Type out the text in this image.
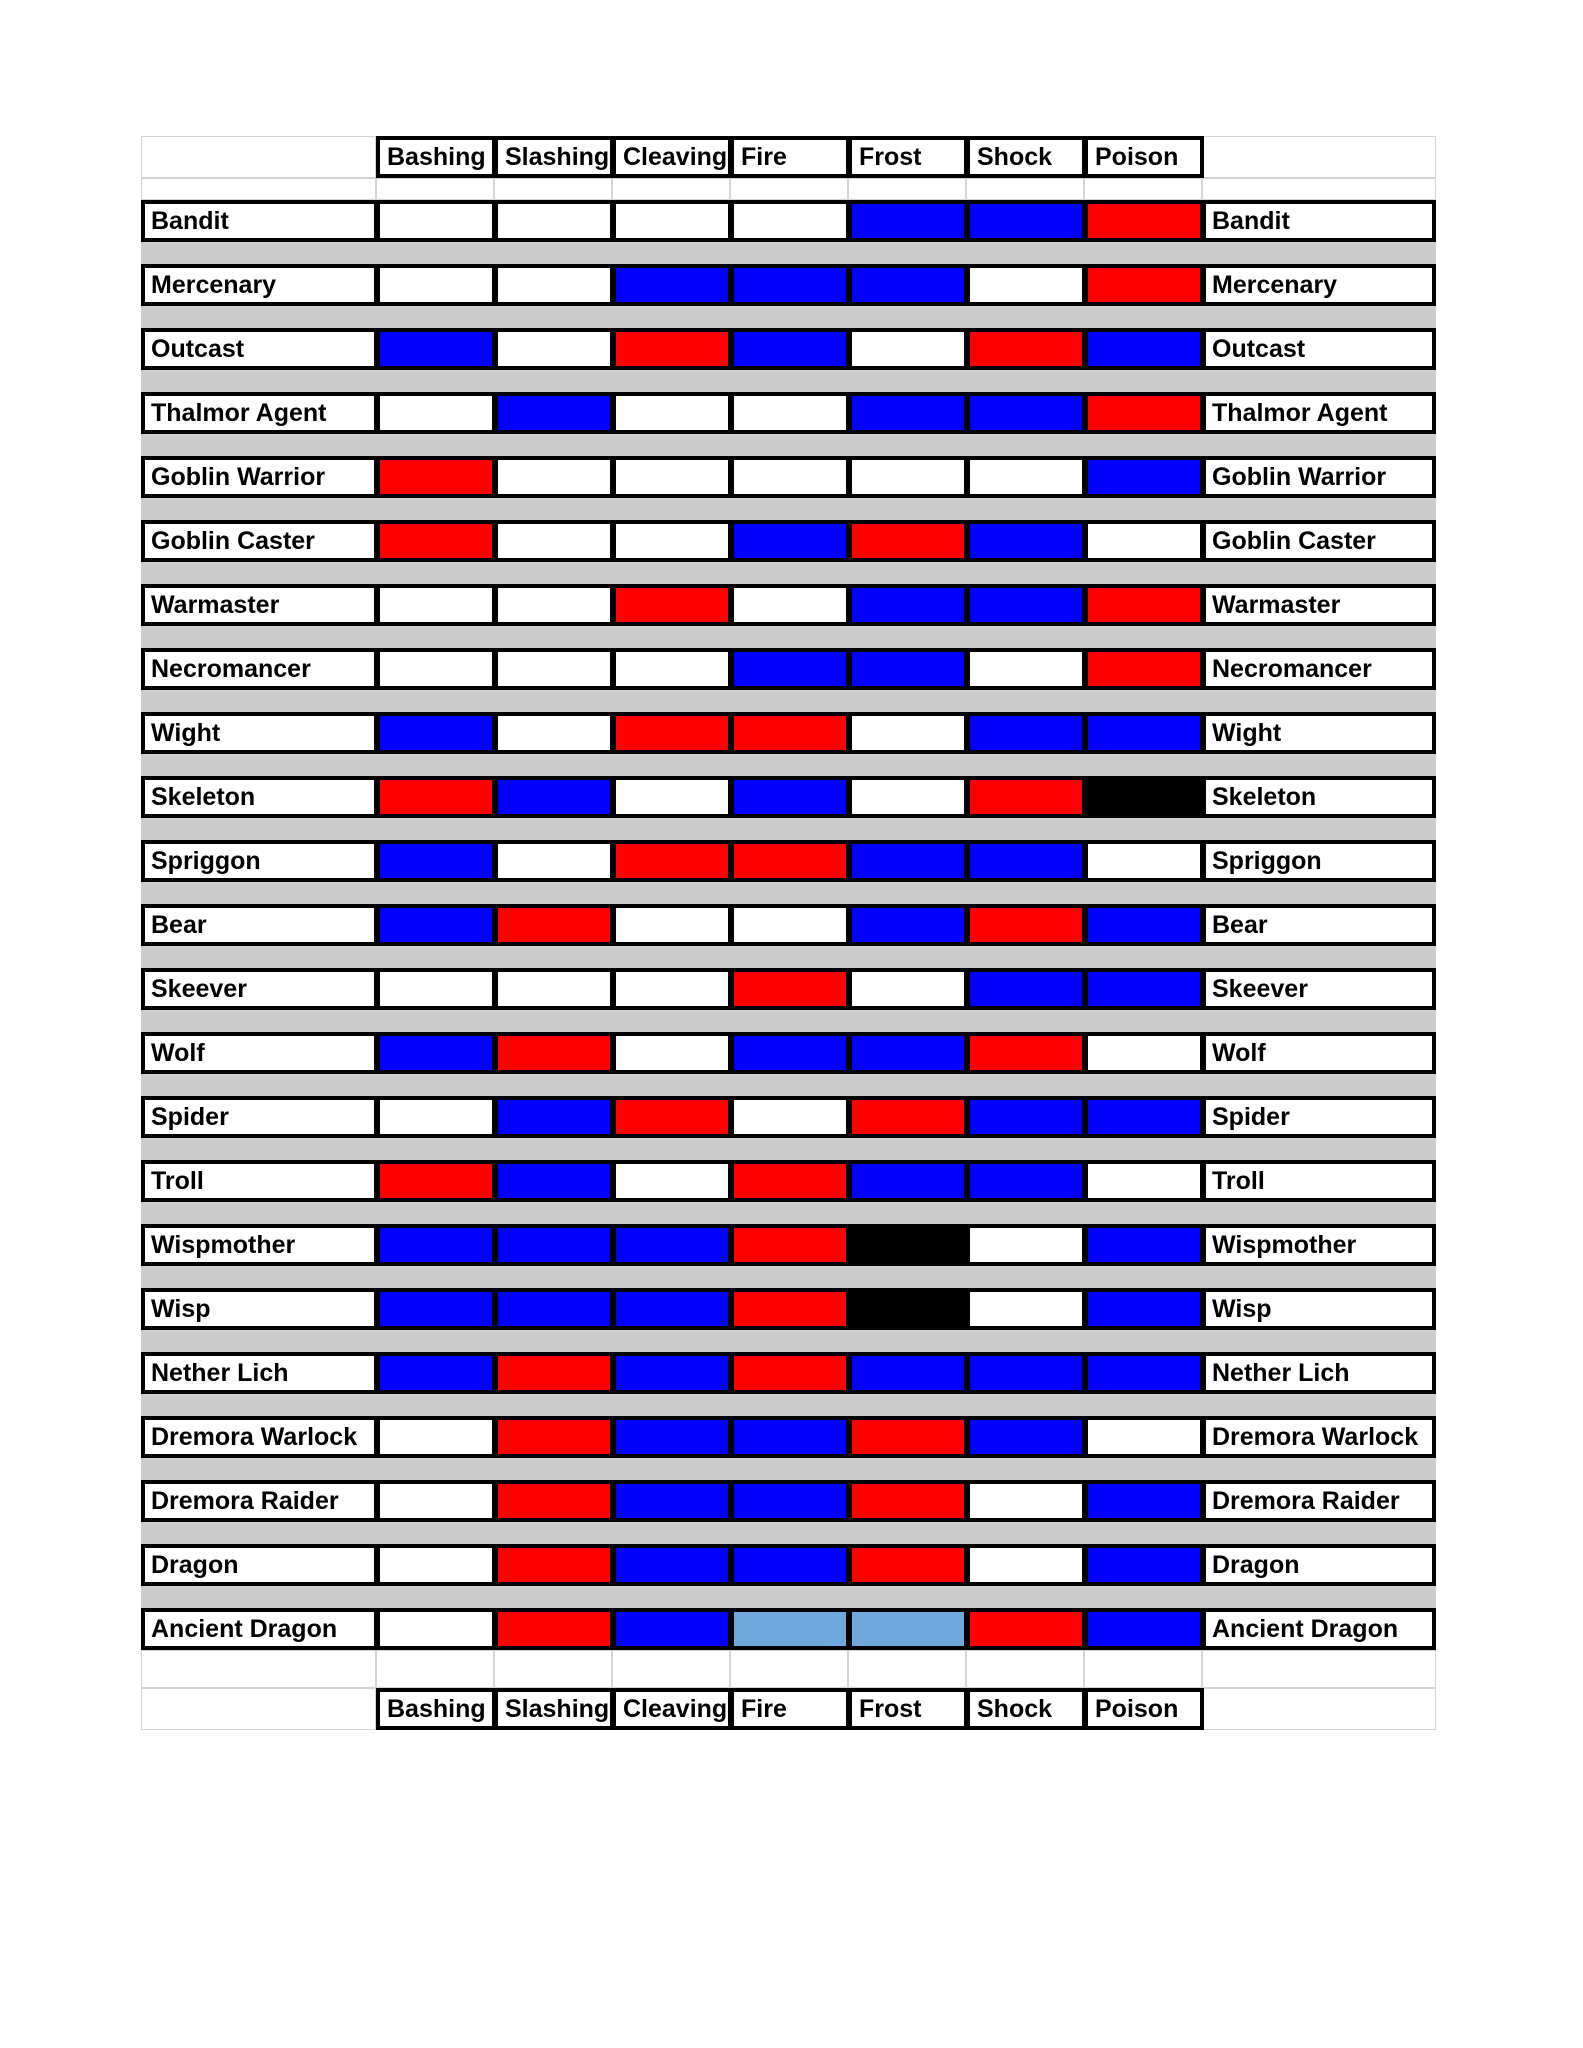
Bashing Slashing Cleaving Fire	Frost	Shock	Poison
Bashing Slashing Cleaving Fire	Frost	Shock	Poison
Bandit	Bandit
Mercenary	Mercenary
Outcast	Outcast
Thalmor Agent	Thalmor Agent
Goblin Warrior	Goblin Warrior
Goblin Caster	Goblin Caster
Warmaster	Warmaster
Necromancer	Necromancer
Wight	Wight
Skeleton	Skeleton
Spriggon	Spriggon
Bear	Bear
Skeever	Skeever
Wolf	Wolf
Spider	Spider
Troll	Troll
Wispmother	Wispmother
Wisp	Wisp
Nether Lich	Nether Lich
Dremora Warlock	Dremora Warlock
Dremora Raider	Dremora Raider
Dragon	Dragon
Ancient Dragon	Ancient Dragon
